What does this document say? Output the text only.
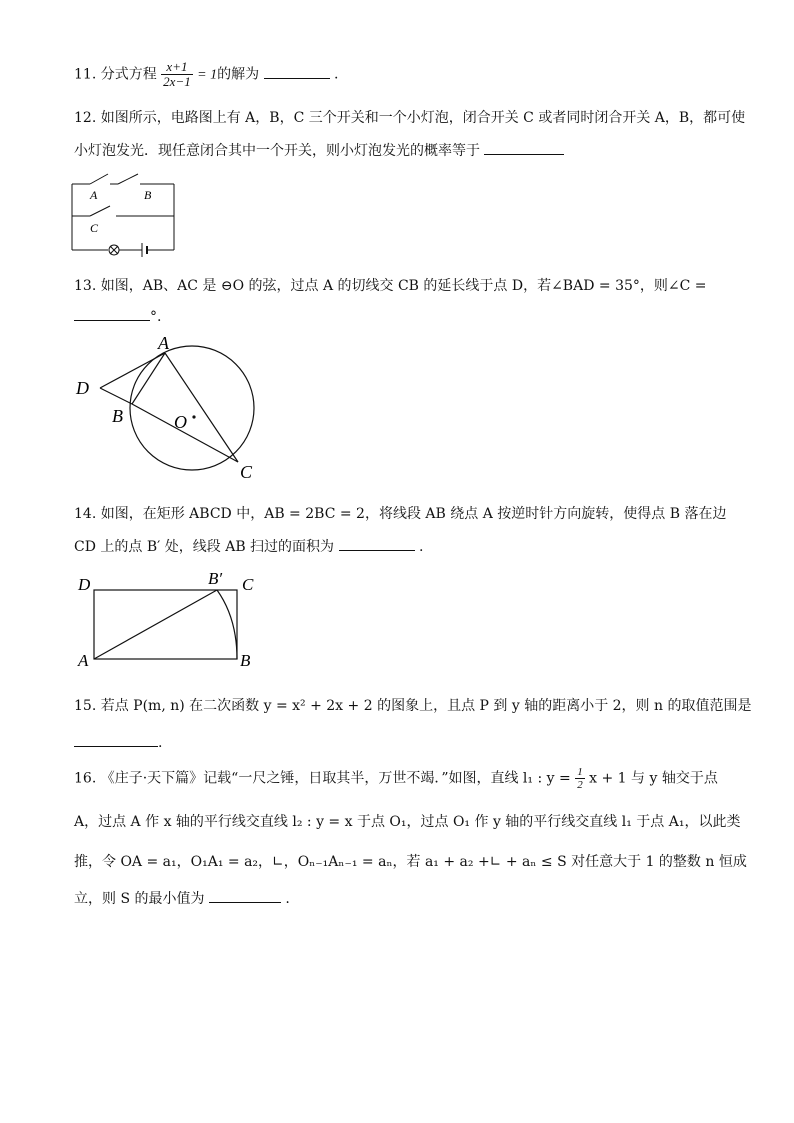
11. 分式方程 $\frac{x+1}{2x-1} = 1$的解为	.
12. 如图所示，电路图上有 A，B，C 三个开关和一个小灯泡，闭合开关 C 或者同时闭合开关 A，B，都可使
小灯泡发光．现任意闭合其中一个开关，则小灯泡发光的概率等于
A	B
C
13. 如图，AB、AC 是 ⊖O 的弦，过点 A 的切线交 CB 的延长线于点 D，若∠BAD = 35°，则∠C =
°.
A
B
C
D
O
14. 如图，在矩形 ABCD 中，AB = 2BC = 2，将线段 AB 绕点 A 按逆时针方向旋转，使得点 B 落在边
CD 上的点 B′ 处，线段 AB 扫过的面积为	.
D	B′ C
A	B
15. 若点 P(m, n) 在二次函数 y = x² + 2x + 2 的图象上，且点 P 到 y 轴的距离小于 2，则 n 的取值范围是
.
16. 《庄子·天下篇》记载“一尺之锤，日取其半，万世不竭．”如图，直线 l₁ : $y = \frac{1}{2}$ x + 1 与 y 轴交于点
A，过点 A 作 x 轴的平行线交直线 l₂ : y = x 于点 O₁，过点 O₁ 作 y 轴的平行线交直线 l₁ 于点 A₁，以此类
推，令 OA = a₁，O₁A₁ = a₂，∟，Oₙ₋₁Aₙ₋₁ = aₙ，若 a₁ + a₂ +∟ + aₙ ≤ S 对任意大于 1 的整数 n 恒成
立，则 S 的最小值为	.
